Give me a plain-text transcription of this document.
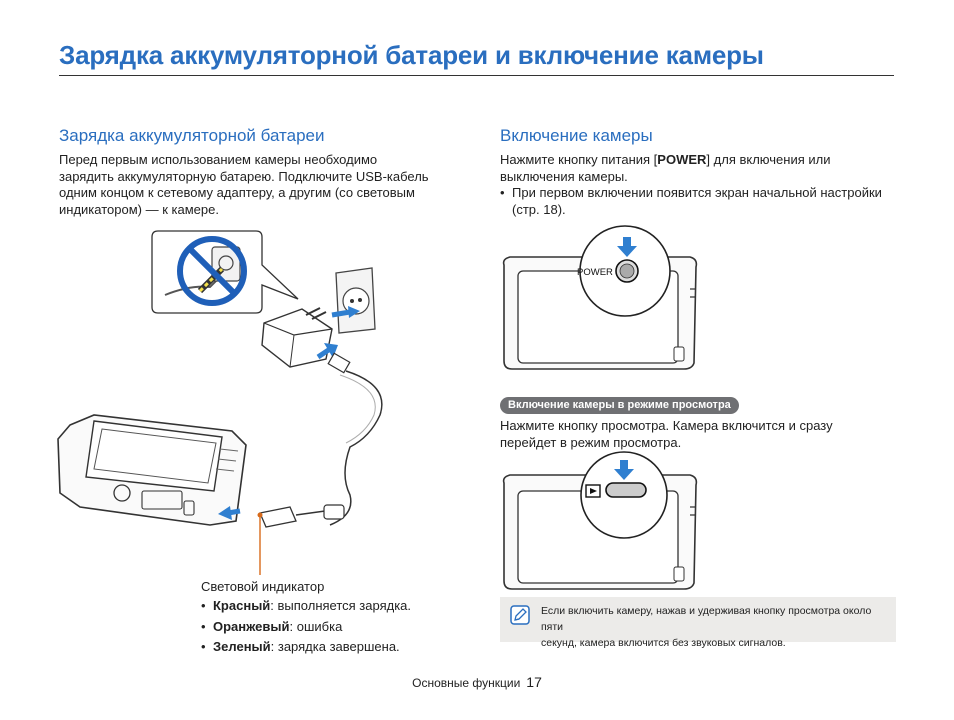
Зарядка аккумуляторной батареи и включение камеры
Зарядка аккумуляторной батареи
Перед первым использованием камеры необходимо
зарядить аккумуляторную батарею. Подключите USB-кабель
одним концом к сетевому адаптеру, а другим (со световым
индикатором) — к камере.
Световой индикатор
• Красный: выполняется зарядка.
• Оранжевый: ошибка
• Зеленый: зарядка завершена.
Включение камеры
Нажмите кнопку питания [POWER] для включения или
выключения камеры.
• При первом включении появится экран начальной настройки
(стр. 18).
POWER
Включение камеры в режиме просмотра
Нажмите кнопку просмотра. Камера включится и сразу
перейдет в режим просмотра.
Если включить камеру, нажав и удерживая кнопку просмотра около пяти
секунд, камера включится без звуковых сигналов.
Основные функции 17
